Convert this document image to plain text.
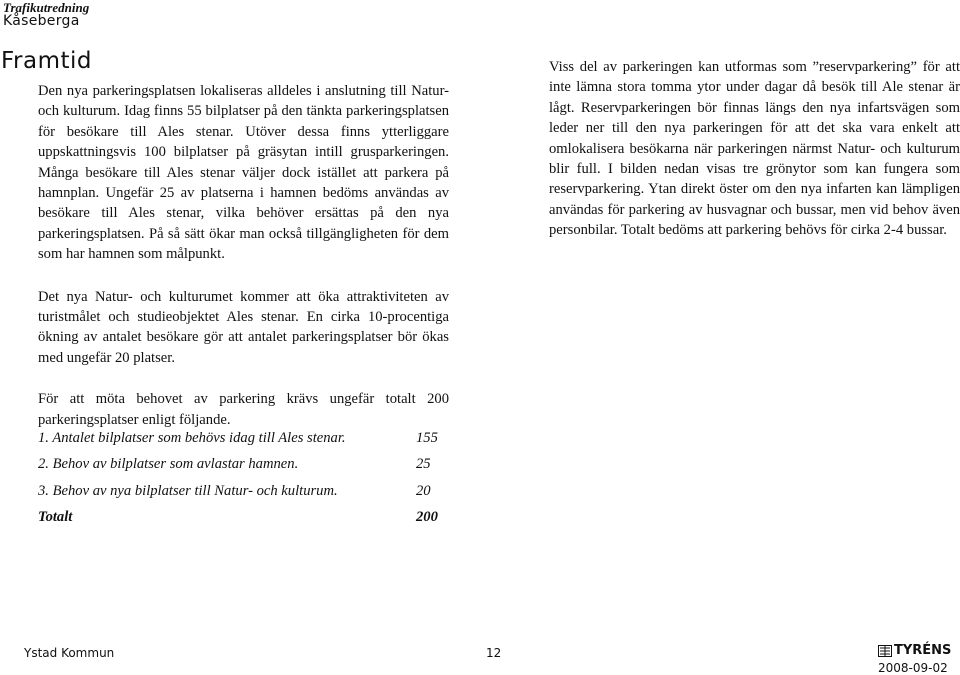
Trafikutredning
Kåseberga
Framtid

Den nya parkeringsplatsen lokaliseras alldeles i anslutning till Natur- och kulturum. Idag finns 55 bilplatser på den tänkta parkeringsplatsen för besökare till Ales stenar. Utöver dessa finns ytterliggare uppskattningsvis 100 bilplatser på gräsytan intill grusparkeringen. Många besökare till Ales stenar väljer dock istället att parkera på hamnplan. Ungefär 25 av platserna i hamnen bedöms användas av besökare till Ales stenar, vilka behöver ersättas på den nya parkeringsplatsen. På så sätt ökar man också tillgängligheten för dem som har hamnen som målpunkt.

Det nya Natur- och kulturumet kommer att öka attraktiviteten av turistmålet och studieobjektet Ales stenar. En cirka 10-procentiga ökning av antalet besökare gör att antalet parkeringsplatser bör ökas med ungefär 20 platser.

För att möta behovet av parkering krävs ungefär totalt 200 parkeringsplatser enligt följande.

1. Antalet bilplatser som behövs idag till Ales stenar.	155
2. Behov av bilplatser som avlastar hamnen.	25
3. Behov av nya bilplatser till Natur- och kulturum.	20
Totalt	200

Viss del av parkeringen kan utformas som ”reservparkering” för att inte lämna stora tomma ytor under dagar då besök till Ale stenar är lågt. Reservparkeringen bör finnas längs den nya infartsvägen som leder ner till den nya parkeringen för att det ska vara enkelt att omlokalisera besökarna när parkeringen närmst Natur- och kulturum blir full. I bilden nedan visas tre grönytor som kan fungera som reservparkering. Ytan direkt öster om den nya infarten kan lämpligen användas för parkering av husvagnar och bussar, men vid behov även personbilar. Totalt bedöms att parkering behövs för cirka 2-4 bussar.

Ystad Kommun	12	TYRÉNS
2008-09-02
